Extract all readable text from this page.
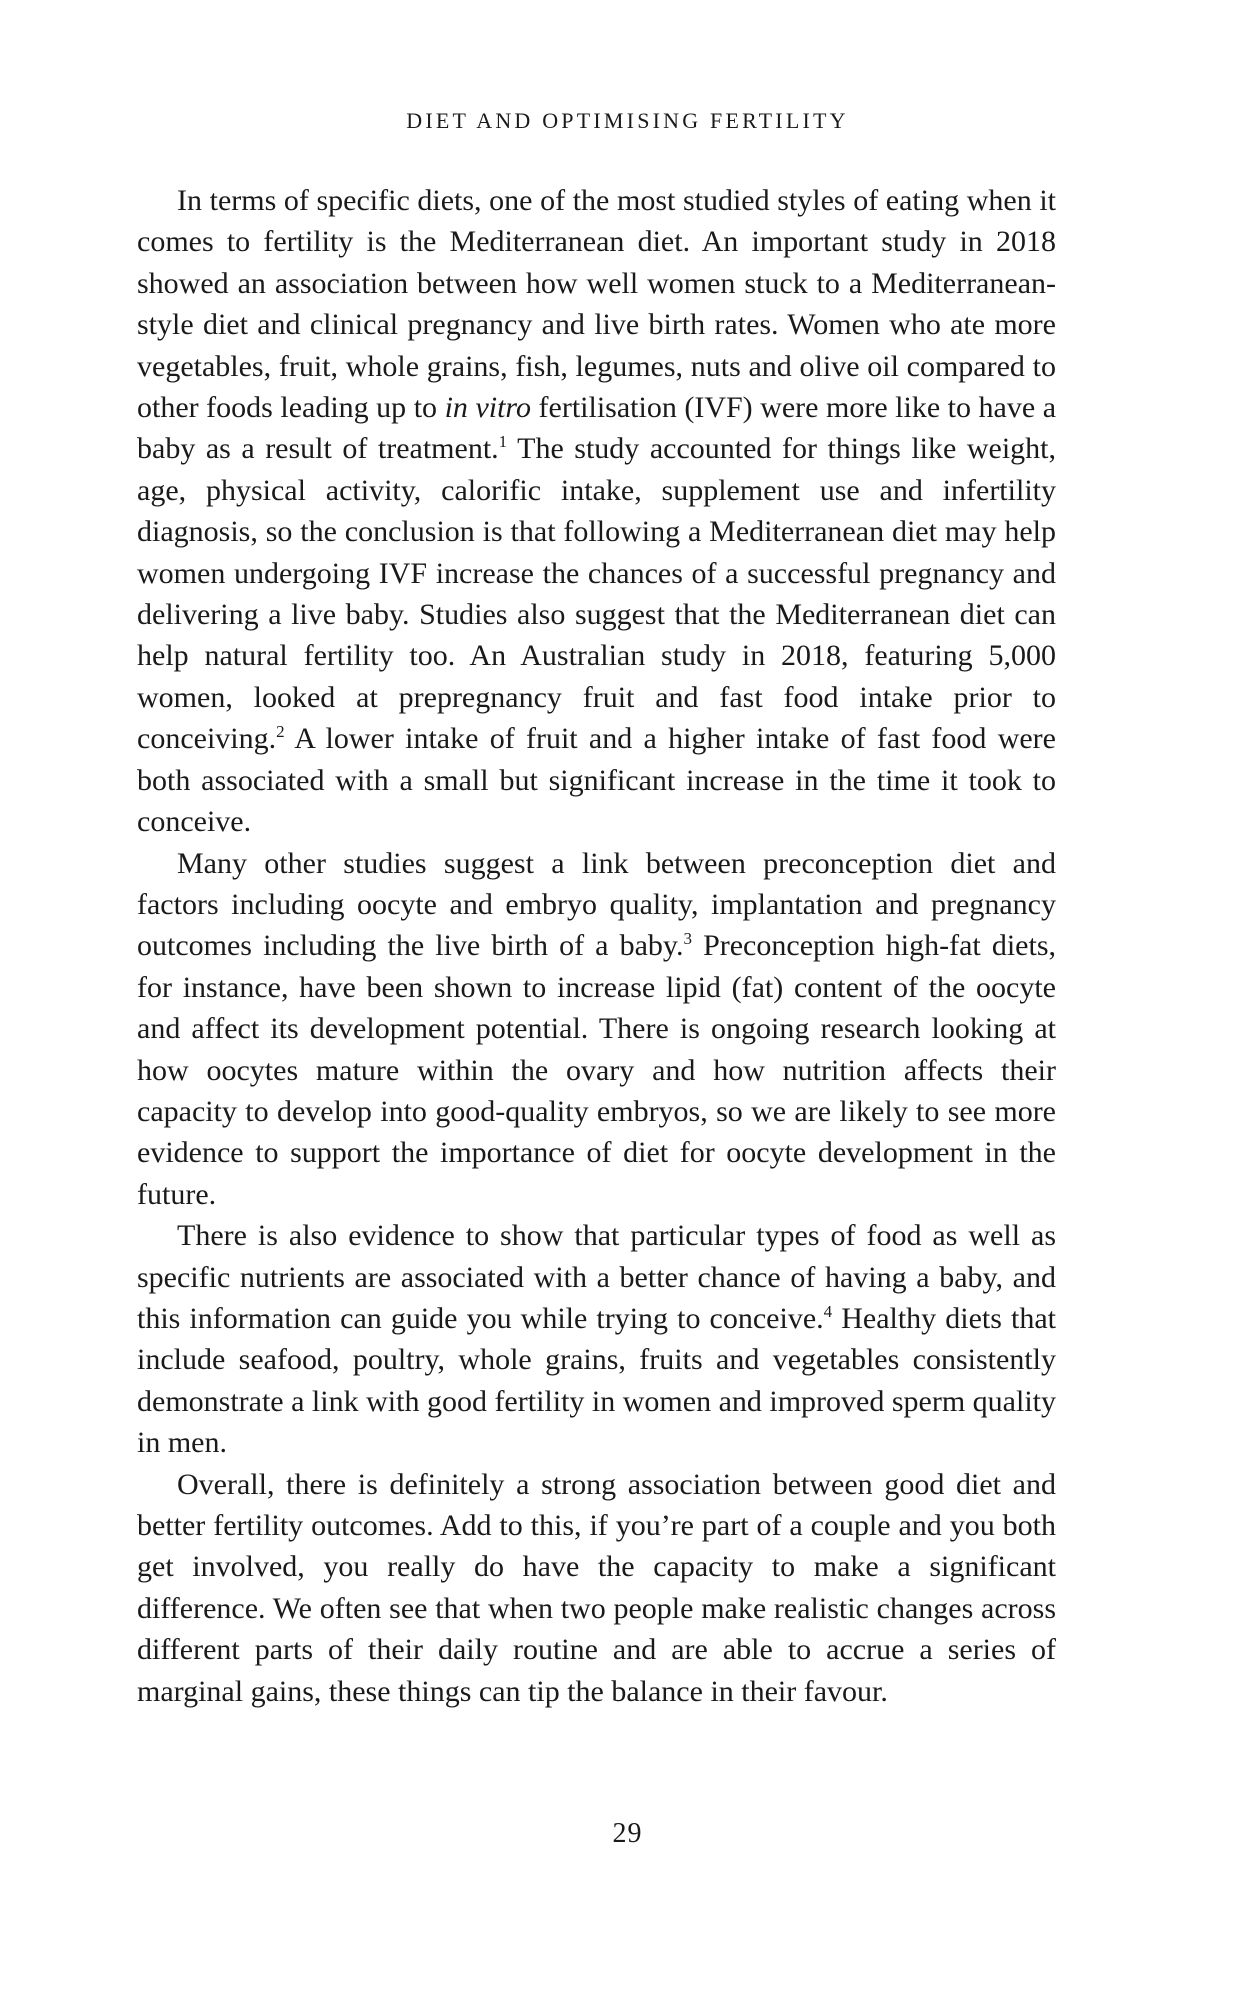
DIET AND OPTIMISING FERTILITY

In terms of specific diets, one of the most studied styles of eating when it comes to fertility is the Mediterranean diet. An important study in 2018 showed an association between how well women stuck to a Mediterranean-style diet and clinical pregnancy and live birth rates. Women who ate more vegetables, fruit, whole grains, fish, legumes, nuts and olive oil compared to other foods leading up to in vitro fertilisation (IVF) were more like to have a baby as a result of treatment.$^1$ The study accounted for things like weight, age, physical activity, calorific intake, supplement use and infertility diagnosis, so the conclusion is that following a Mediterranean diet may help women undergoing IVF increase the chances of a successful pregnancy and delivering a live baby. Studies also suggest that the Mediterranean diet can help natural fertility too. An Australian study in 2018, featuring 5,000 women, looked at prepregnancy fruit and fast food intake prior to conceiving.$^2$ A lower intake of fruit and a higher intake of fast food were both associated with a small but significant increase in the time it took to conceive.

Many other studies suggest a link between preconception diet and factors including oocyte and embryo quality, implantation and pregnancy outcomes including the live birth of a baby.$^3$ Preconception high-fat diets, for instance, have been shown to increase lipid (fat) content of the oocyte and affect its development potential. There is ongoing research looking at how oocytes mature within the ovary and how nutrition affects their capacity to develop into good-quality embryos, so we are likely to see more evidence to support the importance of diet for oocyte development in the future.

There is also evidence to show that particular types of food as well as specific nutrients are associated with a better chance of having a baby, and this information can guide you while trying to conceive.$^4$ Healthy diets that include seafood, poultry, whole grains, fruits and vegetables consistently demonstrate a link with good fertility in women and improved sperm quality in men.

Overall, there is definitely a strong association between good diet and better fertility outcomes. Add to this, if you’re part of a couple and you both get involved, you really do have the capacity to make a significant difference. We often see that when two people make realistic changes across different parts of their daily routine and are able to accrue a series of marginal gains, these things can tip the balance in their favour.

29
